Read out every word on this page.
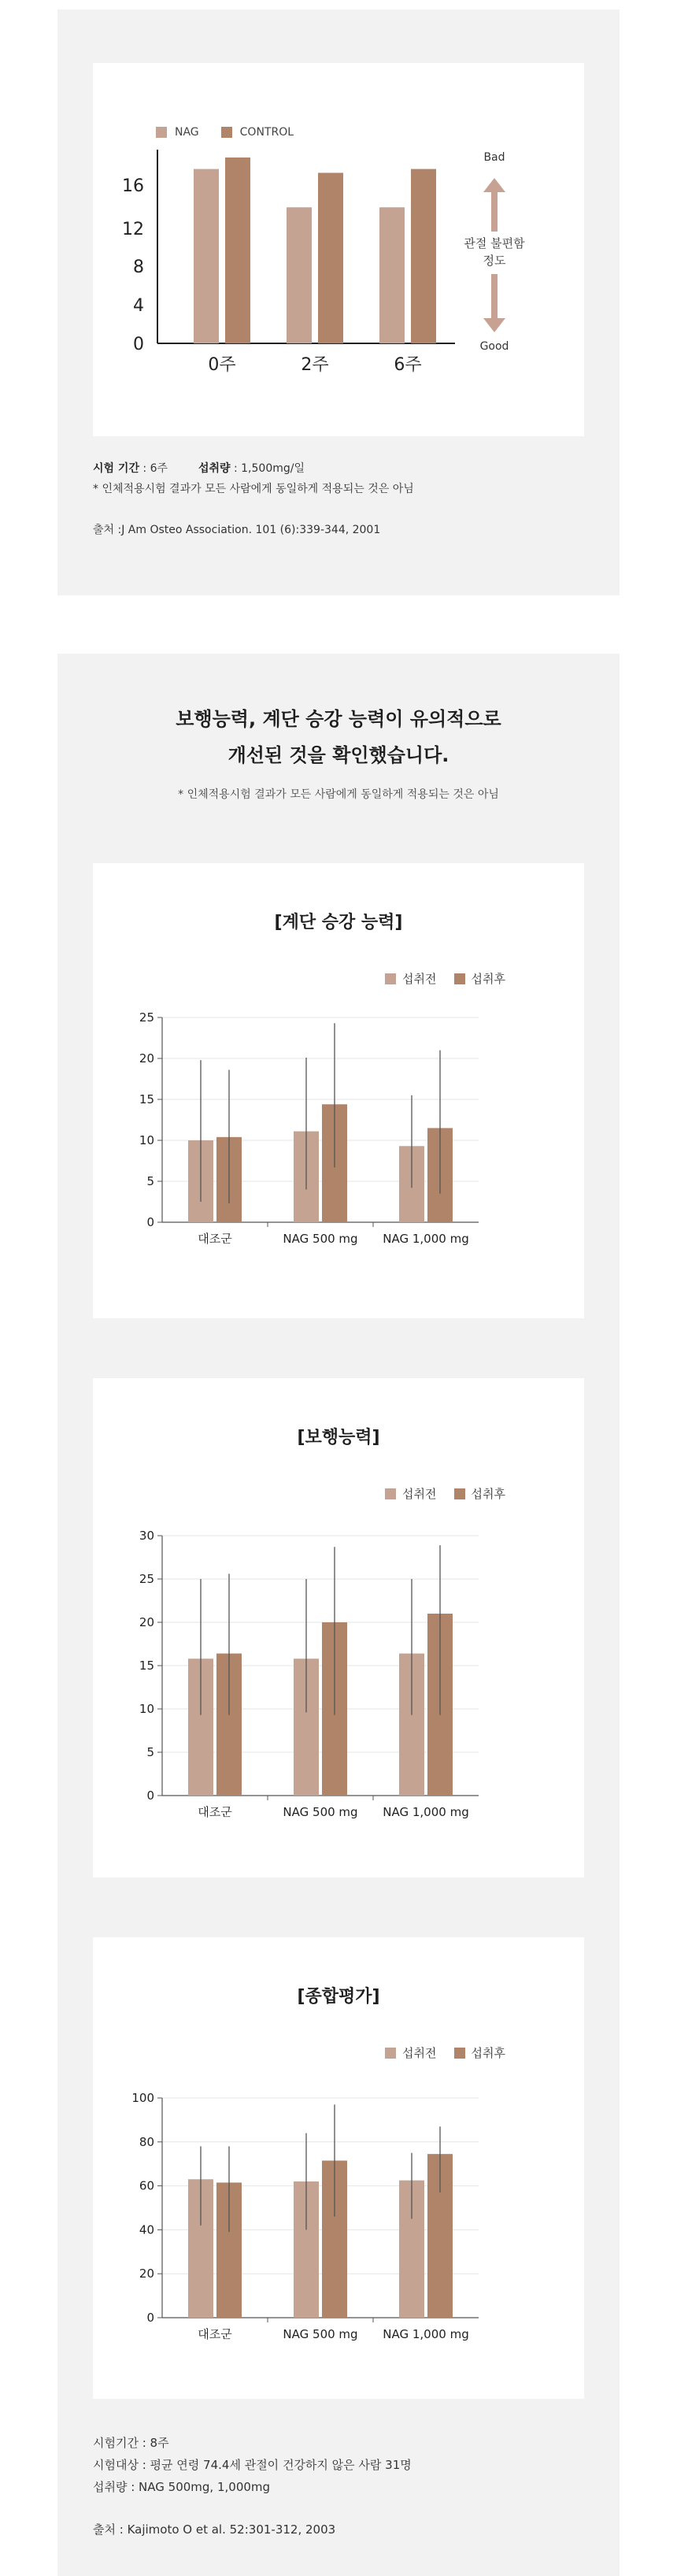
NAG	CONTROL
0
4
8
12
16
0주	2주	6주
Bad
관절 불편함
정도
Good
시험 기간 : 6주	섭취량 : 1,500mg/일
* 인체적용시험 결과가 모든 사람에게 동일하게 적용되는 것은 아님
출처 :J Am Osteo Association. 101 (6):339-344, 2001
보행능력, 계단 승강 능력이 유의적으로
개선된 것을 확인했습니다.
* 인체적용시험 결과가 모든 사람에게 동일하게 적용되는 것은 아님
[계단 승강 능력]
섭취전	섭취후
0
5
10
15
20
25
대조군	NAG 500 mg NAG 1,000 mg
[보행능력]
섭취전	섭취후
0
5
10
15
20
25
30
대조군	NAG 500 mg NAG 1,000 mg
[종합평가]
섭취전	섭취후
0
20
40
60
80
100
대조군	NAG 500 mg NAG 1,000 mg
시험기간 : 8주
시험대상 : 평균 연령 74.4세 관절이 건강하지 않은 사람 31명
섭취량 : NAG 500mg, 1,000mg
출처 : Kajimoto O et al. 52:301-312, 2003
